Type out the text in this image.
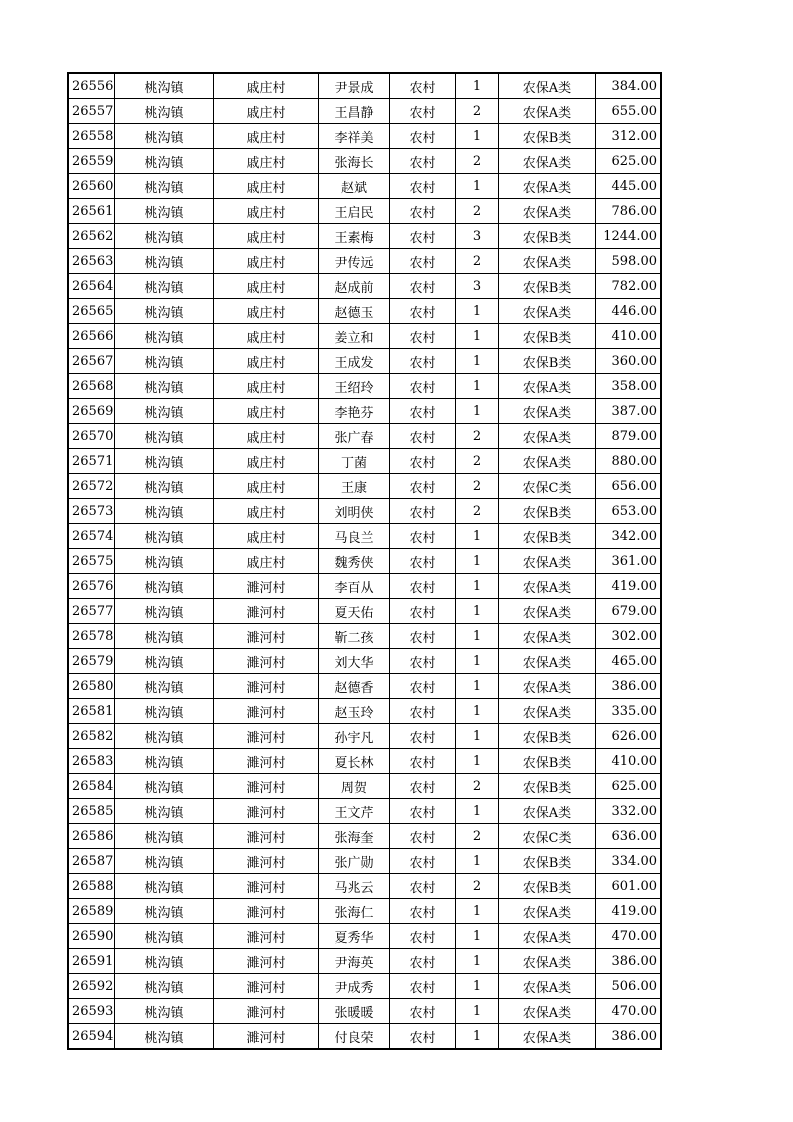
26556	桃沟镇	戚庄村	尹景成	农村	1	农保A类	384.00
26557	桃沟镇	戚庄村	王昌静	农村	2	农保A类	655.00
26558	桃沟镇	戚庄村	李祥美	农村	1	农保B类	312.00
26559	桃沟镇	戚庄村	张海长	农村	2	农保A类	625.00
26560	桃沟镇	戚庄村	赵斌	农村	1	农保A类	445.00
26561	桃沟镇	戚庄村	王启民	农村	2	农保A类	786.00
26562	桃沟镇	戚庄村	王素梅	农村	3	农保B类	1244.00
26563	桃沟镇	戚庄村	尹传远	农村	2	农保A类	598.00
26564	桃沟镇	戚庄村	赵成前	农村	3	农保B类	782.00
26565	桃沟镇	戚庄村	赵德玉	农村	1	农保A类	446.00
26566	桃沟镇	戚庄村	姜立和	农村	1	农保B类	410.00
26567	桃沟镇	戚庄村	王成发	农村	1	农保B类	360.00
26568	桃沟镇	戚庄村	王绍玲	农村	1	农保A类	358.00
26569	桃沟镇	戚庄村	李艳芬	农村	1	农保A类	387.00
26570	桃沟镇	戚庄村	张广春	农村	2	农保A类	879.00
26571	桃沟镇	戚庄村	丁菌	农村	2	农保A类	880.00
26572	桃沟镇	戚庄村	王康	农村	2	农保C类	656.00
26573	桃沟镇	戚庄村	刘明侠	农村	2	农保B类	653.00
26574	桃沟镇	戚庄村	马良兰	农村	1	农保B类	342.00
26575	桃沟镇	戚庄村	魏秀侠	农村	1	农保A类	361.00
26576	桃沟镇	濉河村	李百从	农村	1	农保A类	419.00
26577	桃沟镇	濉河村	夏天佑	农村	1	农保A类	679.00
26578	桃沟镇	濉河村	靳二孩	农村	1	农保A类	302.00
26579	桃沟镇	濉河村	刘大华	农村	1	农保A类	465.00
26580	桃沟镇	濉河村	赵德香	农村	1	农保A类	386.00
26581	桃沟镇	濉河村	赵玉玲	农村	1	农保A类	335.00
26582	桃沟镇	濉河村	孙宇凡	农村	1	农保B类	626.00
26583	桃沟镇	濉河村	夏长林	农村	1	农保B类	410.00
26584	桃沟镇	濉河村	周贺	农村	2	农保B类	625.00
26585	桃沟镇	濉河村	王文芹	农村	1	农保A类	332.00
26586	桃沟镇	濉河村	张海奎	农村	2	农保C类	636.00
26587	桃沟镇	濉河村	张广勋	农村	1	农保B类	334.00
26588	桃沟镇	濉河村	马兆云	农村	2	农保B类	601.00
26589	桃沟镇	濉河村	张海仁	农村	1	农保A类	419.00
26590	桃沟镇	濉河村	夏秀华	农村	1	农保A类	470.00
26591	桃沟镇	濉河村	尹海英	农村	1	农保A类	386.00
26592	桃沟镇	濉河村	尹成秀	农村	1	农保A类	506.00
26593	桃沟镇	濉河村	张暖暖	农村	1	农保A类	470.00
26594	桃沟镇	濉河村	付良荣	农村	1	农保A类	386.00
